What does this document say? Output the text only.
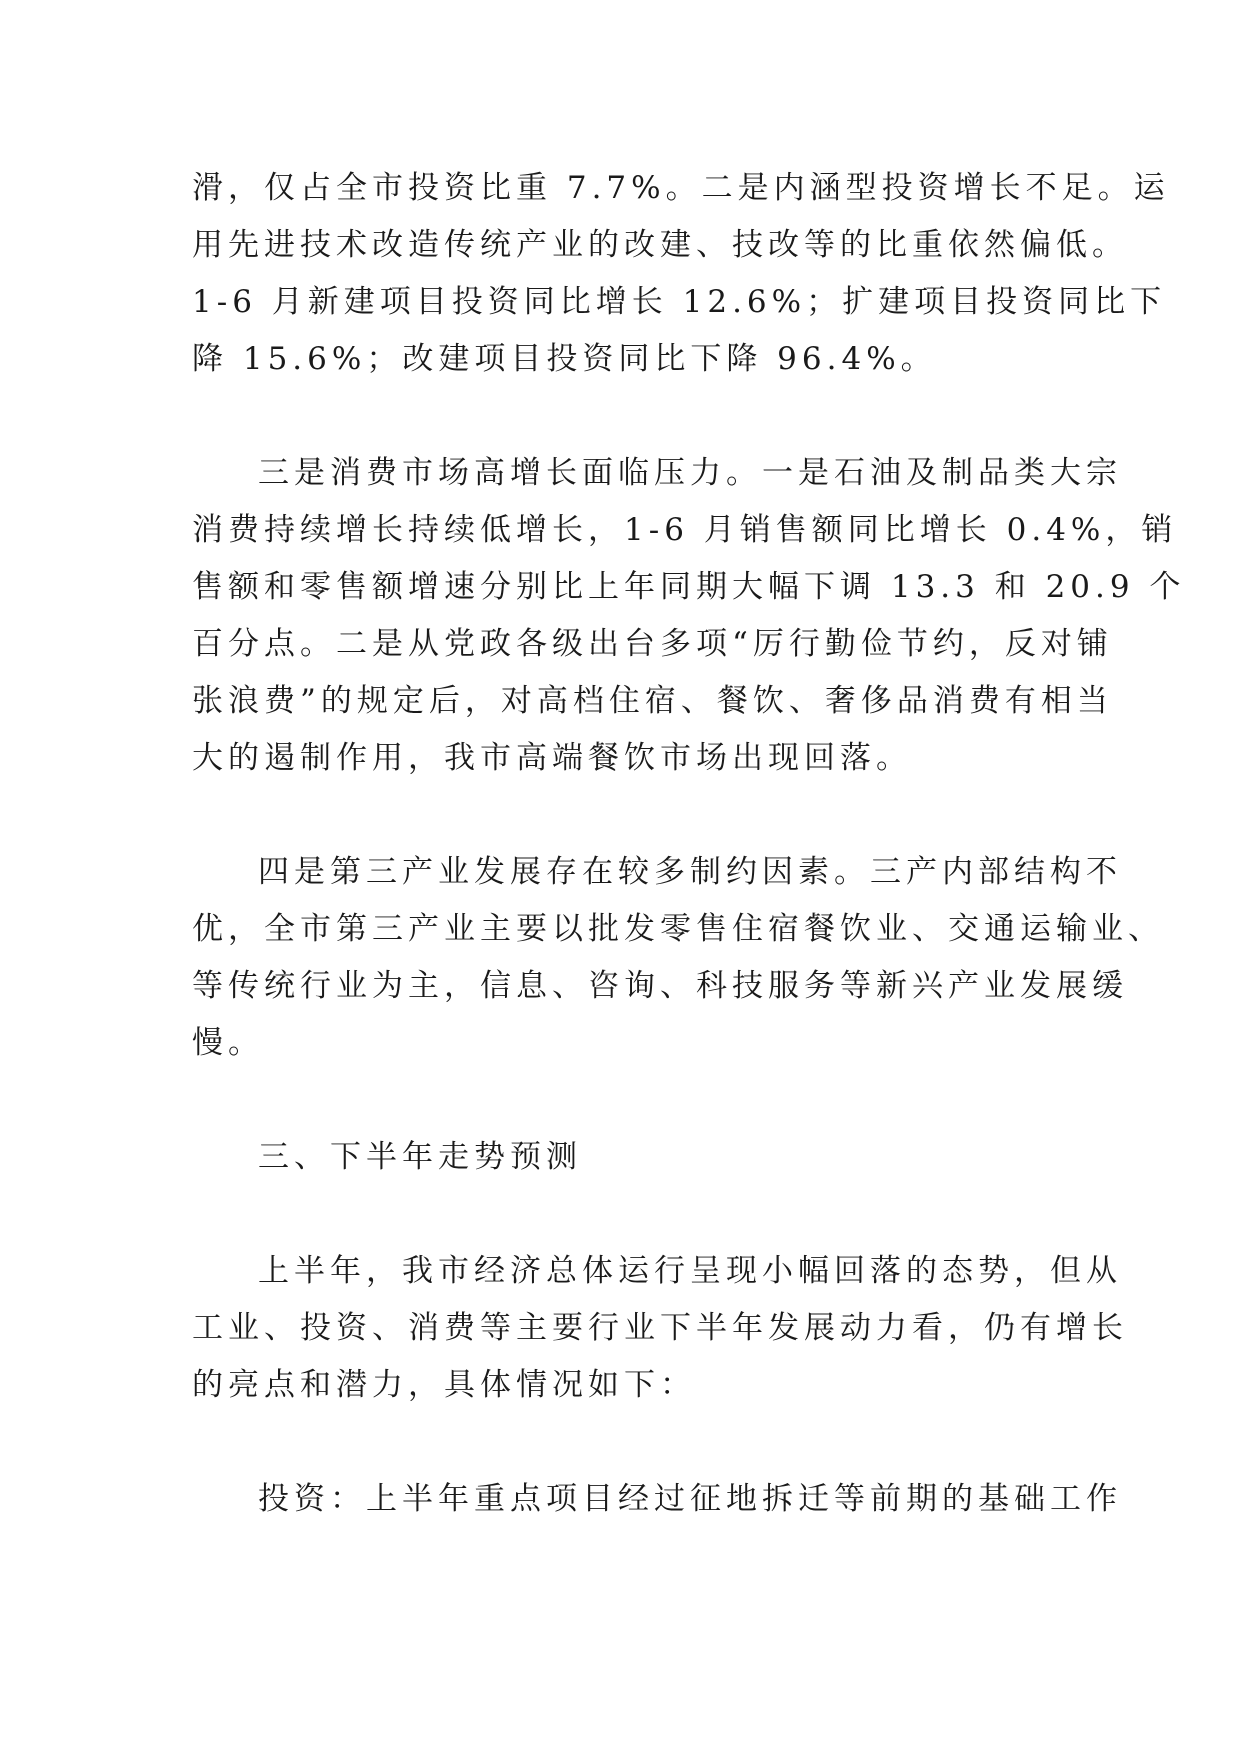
滑，仅占全市投资比重 7.7%。二是内涵型投资增长不足。运
用先进技术改造传统产业的改建、技改等的比重依然偏低。
1-6 月新建项目投资同比增长 12.6%；扩建项目投资同比下
降 15.6%；改建项目投资同比下降 96.4%。
三是消费市场高增长面临压力。一是石油及制品类大宗
消费持续增长持续低增长，1-6 月销售额同比增长 0.4%，销
售额和零售额增速分别比上年同期大幅下调 13.3 和 20.9 个
百分点。二是从党政各级出台多项“厉行勤俭节约，反对铺
张浪费”的规定后，对高档住宿、餐饮、奢侈品消费有相当
大的遏制作用，我市高端餐饮市场出现回落。
四是第三产业发展存在较多制约因素。三产内部结构不
优，全市第三产业主要以批发零售住宿餐饮业、交通运输业、
等传统行业为主，信息、咨询、科技服务等新兴产业发展缓
慢。
三、下半年走势预测
上半年，我市经济总体运行呈现小幅回落的态势，但从
工业、投资、消费等主要行业下半年发展动力看，仍有增长
的亮点和潜力，具体情况如下：
投资：上半年重点项目经过征地拆迁等前期的基础工作
